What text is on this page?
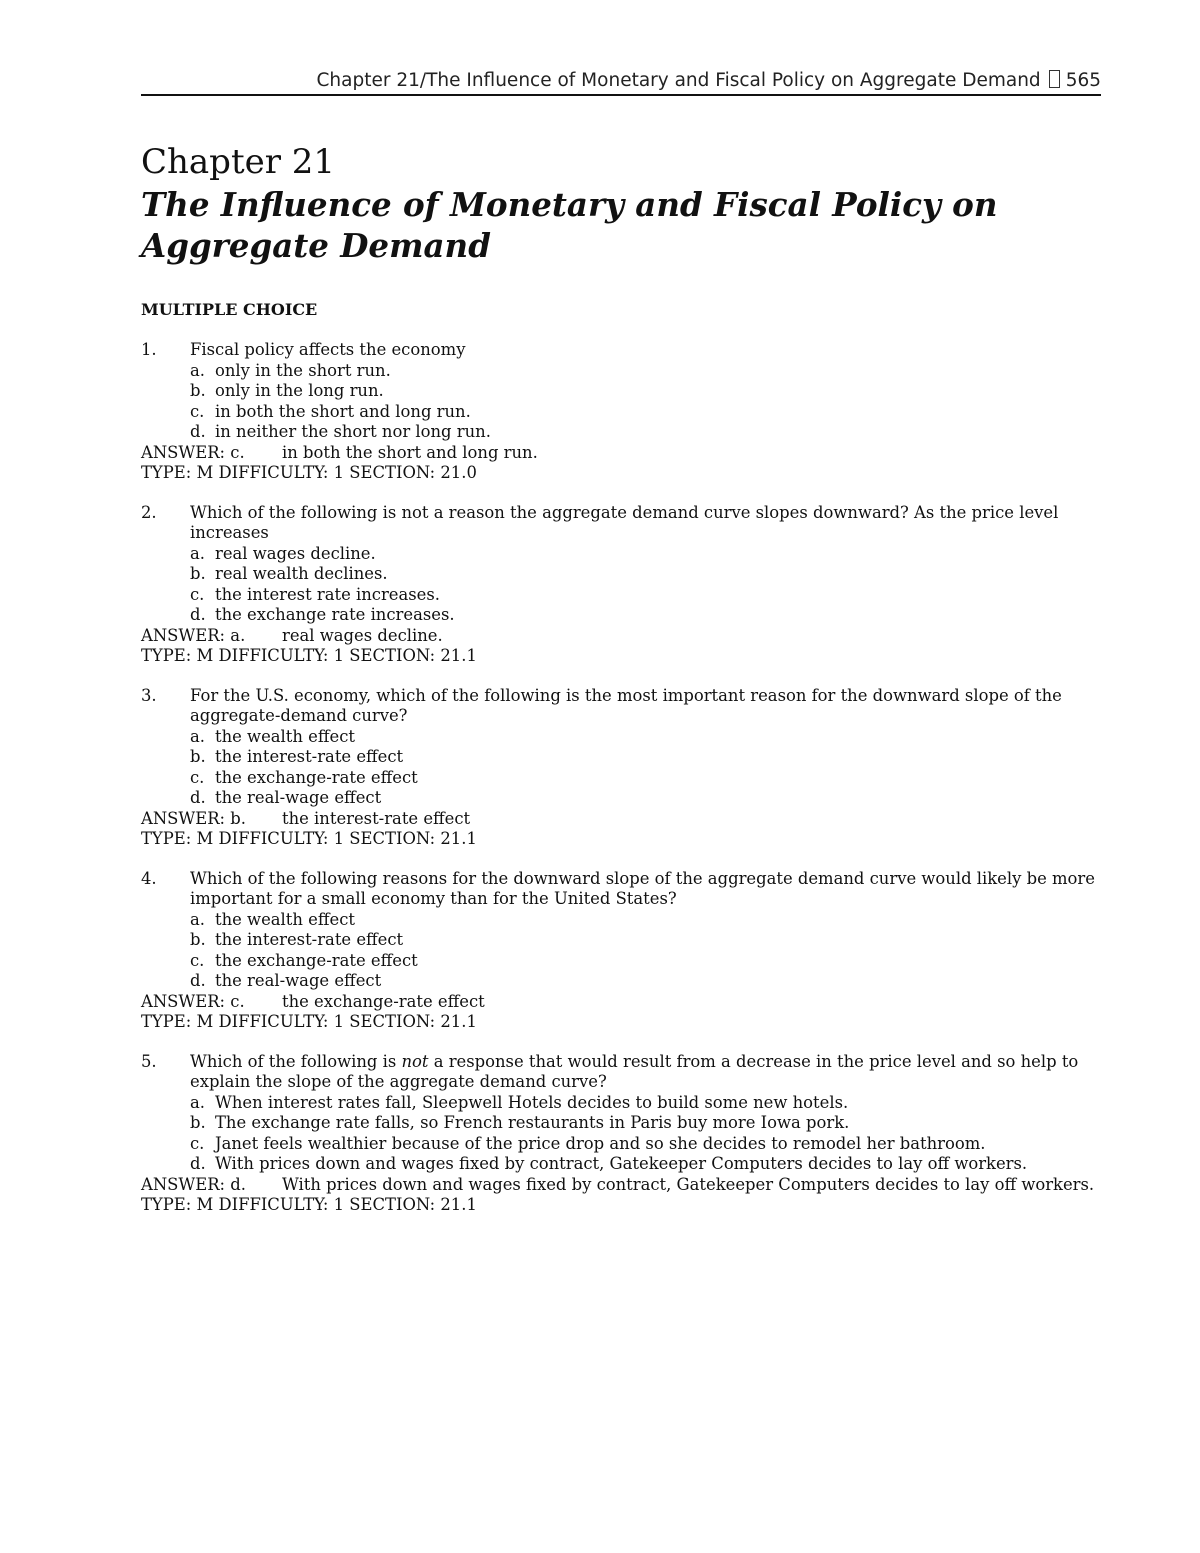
Chapter 21/The Influence of Monetary and Fiscal Policy on Aggregate Demand 565
Chapter 21
The Influence of Monetary and Fiscal Policy on
Aggregate Demand
MULTIPLE CHOICE
1.	Fiscal policy affects the economy
a. only in the short run.
b. only in the long run.
c. in both the short and long run.
d. in neither the short nor long run.
ANSWER: c.	in both the short and long run.
TYPE: M DIFFICULTY: 1 SECTION: 21.0
2.	Which of the following is not a reason the aggregate demand curve slopes downward? As the price level increases
a. real wages decline.
b. real wealth declines.
c. the interest rate increases.
d. the exchange rate increases.
ANSWER: a.	real wages decline.
TYPE: M DIFFICULTY: 1 SECTION: 21.1
3.	For the U.S. economy, which of the following is the most important reason for the downward slope of the aggregate-demand curve?
a. the wealth effect
b. the interest-rate effect
c. the exchange-rate effect
d. the real-wage effect
ANSWER: b.	the interest-rate effect
TYPE: M DIFFICULTY: 1 SECTION: 21.1
4.	Which of the following reasons for the downward slope of the aggregate demand curve would likely be more important for a small economy than for the United States?
a. the wealth effect
b. the interest-rate effect
c. the exchange-rate effect
d. the real-wage effect
ANSWER: c.	the exchange-rate effect
TYPE: M DIFFICULTY: 1 SECTION: 21.1
5.	Which of the following is not a response that would result from a decrease in the price level and so help to explain the slope of the aggregate demand curve?
a. When interest rates fall, Sleepwell Hotels decides to build some new hotels.
b. The exchange rate falls, so French restaurants in Paris buy more Iowa pork.
c. Janet feels wealthier because of the price drop and so she decides to remodel her bathroom.
d. With prices down and wages fixed by contract, Gatekeeper Computers decides to lay off workers.
ANSWER: d.	With prices down and wages fixed by contract, Gatekeeper Computers decides to lay off workers.
TYPE: M DIFFICULTY: 1 SECTION: 21.1
